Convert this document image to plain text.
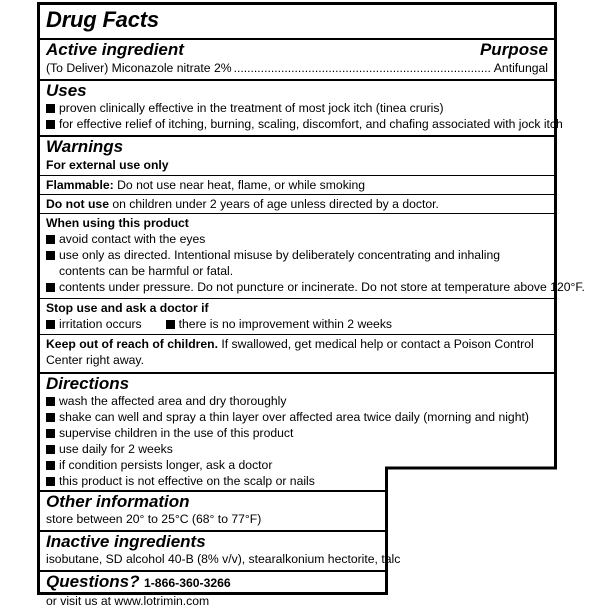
Drug Facts
Active ingredient	Purpose
(To Deliver) Miconazole nitrate 2%
.....	Antifungal
Uses
proven clinically effective in the treatment of most jock itch (tinea cruris)
for effective relief of itching, burning, scaling, discomfort, and chafing associated with jock itch
Warnings
For external use only
Flammable: Do not use near heat, flame, or while smoking
Do not use on children under 2 years of age unless directed by a doctor.
When using this product
avoid contact with the eyes
use only as directed. Intentional misuse by deliberately concentrating and inhaling contents can be harmful or fatal.
contents under pressure. Do not puncture or incinerate. Do not store at temperature above 120°F.
Stop use and ask a doctor if
irritation occurs	there is no improvement within 2 weeks
Keep out of reach of children. If swallowed, get medical help or contact a Poison Control Center right away.
Directions
wash the affected area and dry thoroughly
shake can well and spray a thin layer over affected area twice daily (morning and night)
supervise children in the use of this product
use daily for 2 weeks
if condition persists longer, ask a doctor
this product is not effective on the scalp or nails
Other information
store between 20° to 25°C (68° to 77°F)
Inactive ingredients
isobutane, SD alcohol 40-B (8% v/v), stearalkonium hectorite, talc
Questions? 1-866-360-3266 or visit us at www.lotrimin.com
